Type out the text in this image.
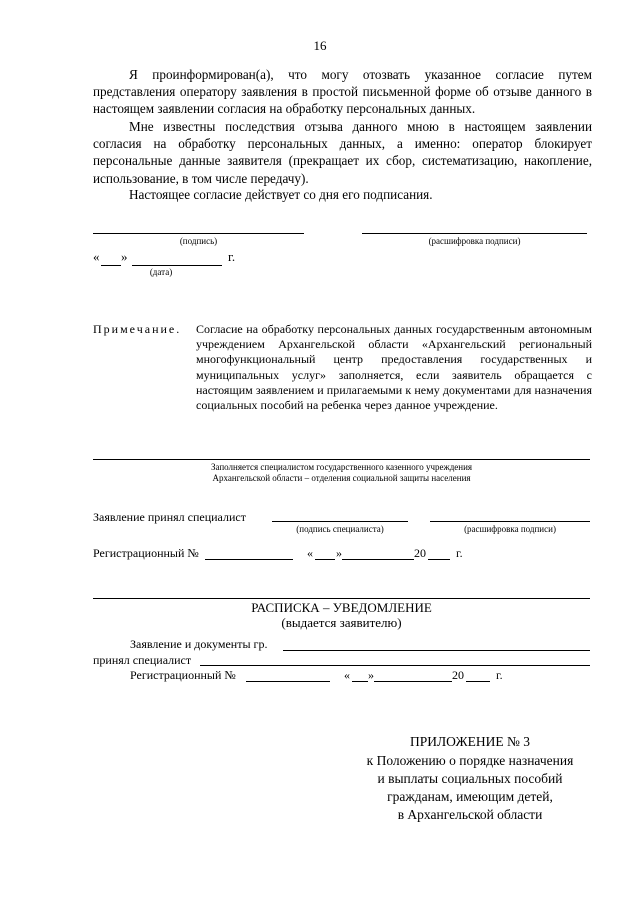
16

Я проинформирован(а), что могу отозвать указанное согласие путем представления оператору заявления в простой письменной форме об отзыве данного в настоящем заявлении согласия на обработку персональных данных.

Мне известны последствия отзыва данного мною в настоящем заявлении согласия на обработку персональных данных, а именно: оператор блокирует персональные данные заявителя (прекращает их сбор, систематизацию, накопление, использование, в том числе передачу).

Настоящее согласие действует со дня его подписания.

(подпись)	(расшифровка подписи)
« »	г.
(дата)
Примечание. Согласие на обработку персональных данных государственным автономным учреждением Архангельской области «Архангельский региональный многофункциональный центр предоставления государственных и муниципальных услуг» заполняется, если заявитель обращается с настоящим заявлением и прилагаемыми к нему документами для назначения социальных пособий на ребенка через данное учреждение.
Заполняется специалистом государственного казенного учреждения
Архангельской области – отделения социальной защиты населения
Заявление принял специалист
(подпись специалиста)	(расшифровка подписи)
Регистрационный №	« »	20	г.
РАСПИСКА – УВЕДОМЛЕНИЕ
(выдается заявителю)
Заявление и документы гр.
принял специалист
Регистрационный №	« »	20	г.
ПРИЛОЖЕНИЕ № 3
к Положению о порядке назначения
и выплаты социальных пособий
гражданам, имеющим детей,
в Архангельской области
